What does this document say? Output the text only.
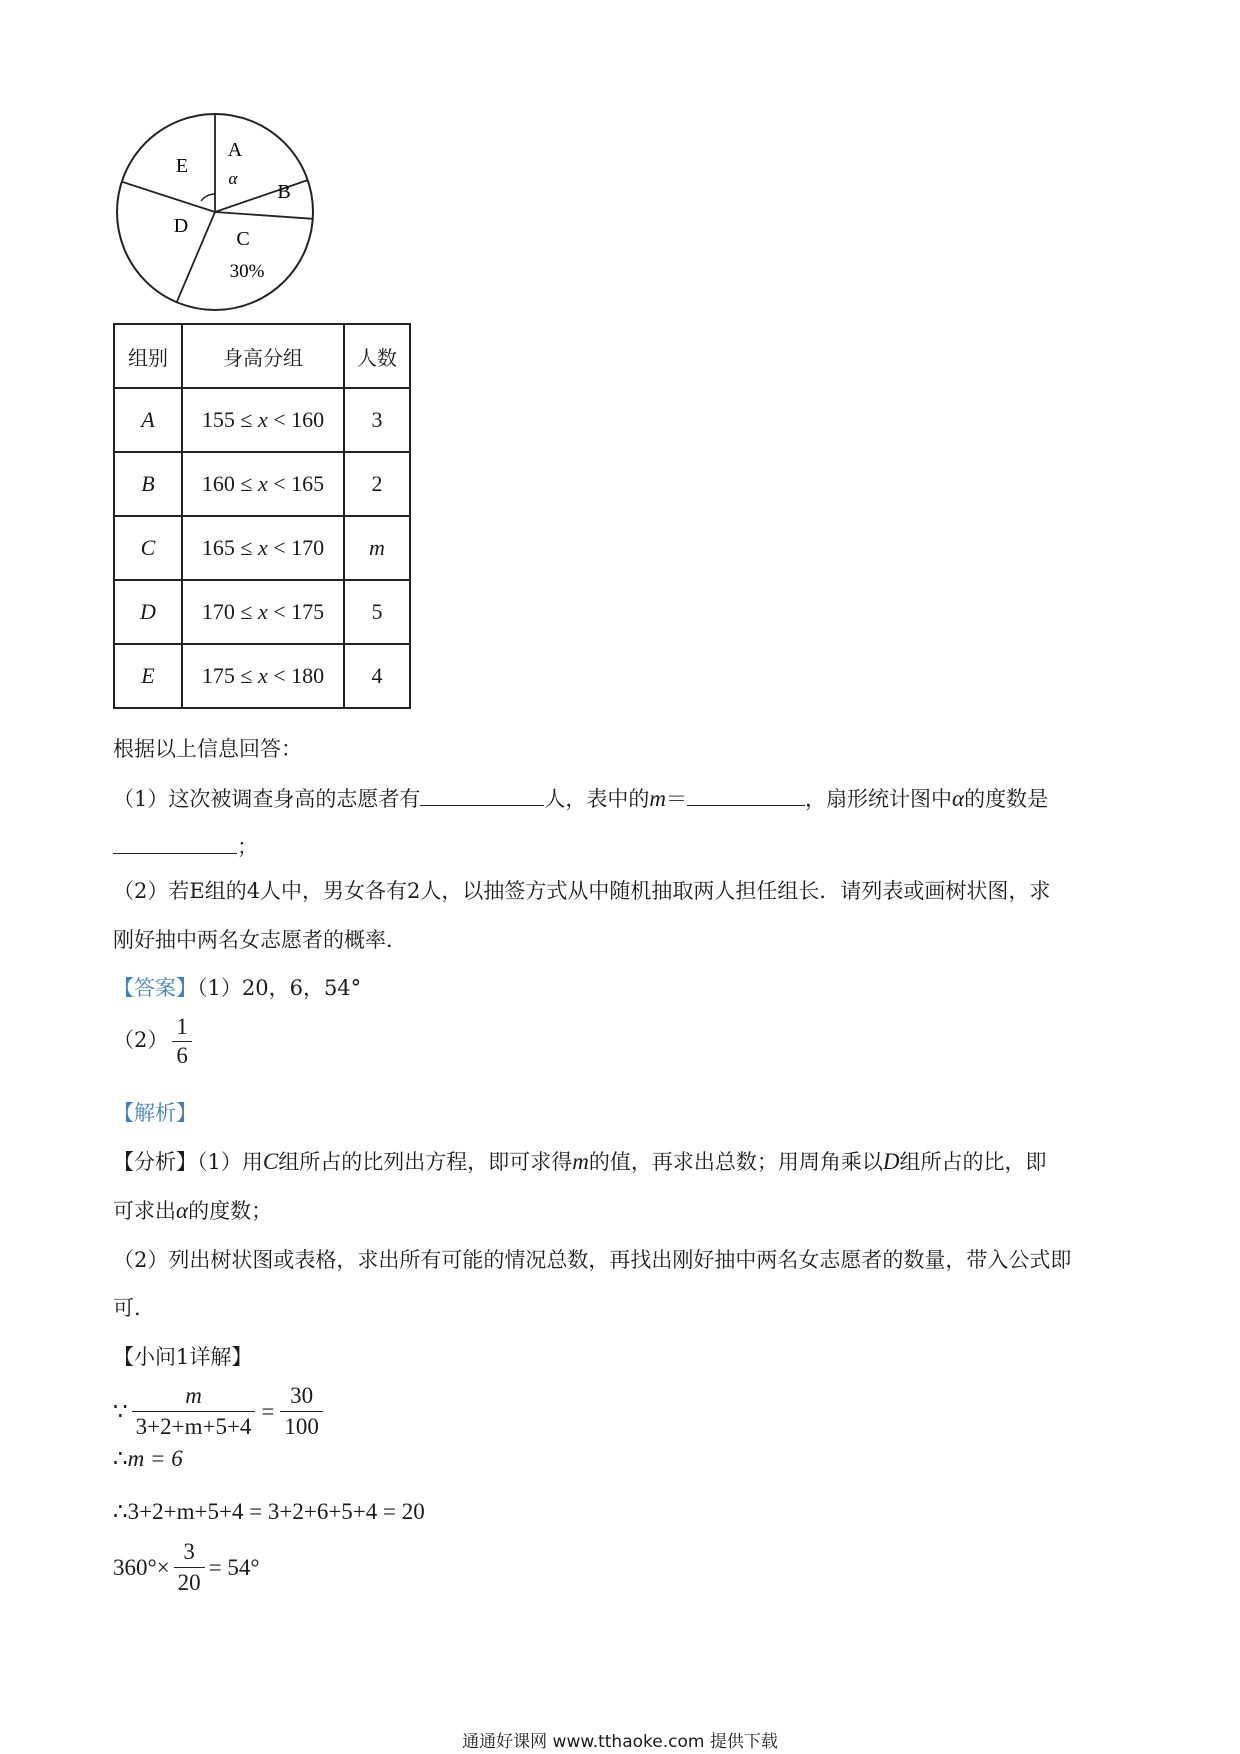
A
B
C
D
E
α
30%
组别	身高分组	人数
A	155 ≤ x < 160	3
B	160 ≤ x < 165	2
C	165 ≤ x < 170	m
D	170 ≤ x < 175	5
E	175 ≤ x < 180	4
根据以上信息回答：
（1）这次被调查身高的志愿者有	人，表中的m＝	，扇形统计图中α的度数是
；
（2）若E组的4人中，男女各有2人，以抽签方式从中随机抽取两人担任组长．请列表或画树状图，求
刚好抽中两名女志愿者的概率．
【答案】（1）20，6，54°
$(2) \frac{1}{6}$
【解析】
【分析】（1）用C组所占的比列出方程，即可求得m的值，再求出总数；用周角乘以D组所占的比，即
可求出α的度数；
（2）列出树状图或表格，求出所有可能的情况总数，再找出刚好抽中两名女志愿者的数量，带入公式即
可．
【小问1详解】
∵ $\frac{m}{3+2+m+5+4} = \frac{30}{100}$
∴m = 6
∴3+2+m+5+4 = 3+2+6+5+4 = 20
$360^\circ\times \frac{3}{20} = 54^\circ$
通通好课网 www.tthaoke.com 提供下载
